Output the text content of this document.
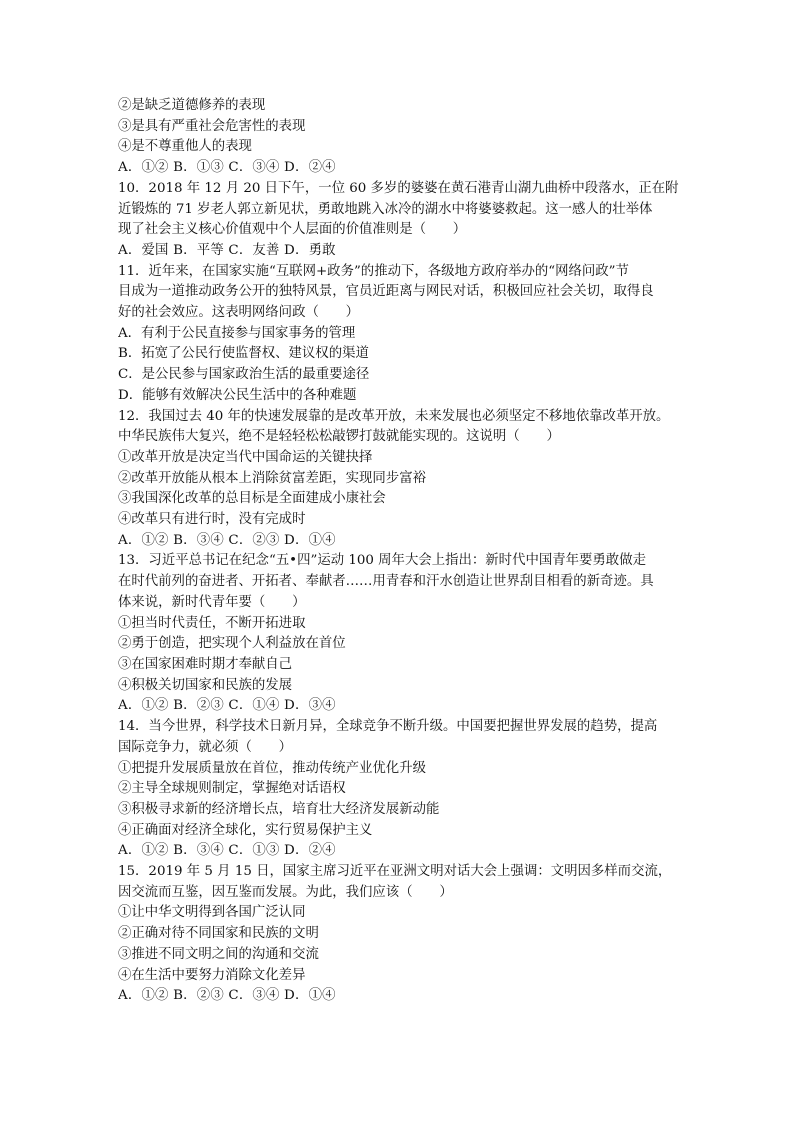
②是缺乏道德修养的表现
③是具有严重社会危害性的表现
④是不尊重他人的表现
A．①② B．①③ C．③④ D．②④
10．2018 年 12 月 20 日下午，一位 60 多岁的婆婆在黄石港青山湖九曲桥中段落水，正在附
近锻炼的 71 岁老人郭立新见状，勇敢地跳入冰冷的湖水中将婆婆救起。这一感人的壮举体
现了社会主义核心价值观中个人层面的价值准则是（　　）
A．爱国 B．平等 C．友善 D．勇敢
11．近年来，在国家实施“互联网+政务”的推动下，各级地方政府举办的“网络问政”节
目成为一道推动政务公开的独特风景，官员近距离与网民对话，积极回应社会关切，取得良
好的社会效应。这表明网络问政（　　）
A．有利于公民直接参与国家事务的管理
B．拓宽了公民行使监督权、建议权的渠道
C．是公民参与国家政治生活的最重要途径
D．能够有效解决公民生活中的各种难题
12．我国过去 40 年的快速发展靠的是改革开放，未来发展也必须坚定不移地依靠改革开放。
中华民族伟大复兴，绝不是轻轻松松敲锣打鼓就能实现的。这说明（　　）
①改革开放是决定当代中国命运的关键抉择
②改革开放能从根本上消除贫富差距，实现同步富裕
③我国深化改革的总目标是全面建成小康社会
④改革只有进行时，没有完成时
A．①② B．③④ C．②③ D．①④
13．习近平总书记在纪念“五•四”运动 100 周年大会上指出：新时代中国青年要勇敢做走
在时代前列的奋进者、开拓者、奉献者……用青春和汗水创造让世界刮目相看的新奇迹。具
体来说，新时代青年要（　　）
①担当时代责任，不断开拓进取
②勇于创造，把实现个人利益放在首位
③在国家困难时期才奉献自己
④积极关切国家和民族的发展
A．①② B．②③ C．①④ D．③④
14．当今世界，科学技术日新月异，全球竞争不断升级。中国要把握世界发展的趋势，提高
国际竞争力，就必须（　　）
①把提升发展质量放在首位，推动传统产业优化升级
②主导全球规则制定，掌握绝对话语权
③积极寻求新的经济增长点，培育壮大经济发展新动能
④正确面对经济全球化，实行贸易保护主义
A．①② B．③④ C．①③ D．②④
15．2019 年 5 月 15 日，国家主席习近平在亚洲文明对话大会上强调：文明因多样而交流，
因交流而互鉴，因互鉴而发展。为此，我们应该（　　）
①让中华文明得到各国广泛认同
②正确对待不同国家和民族的文明
③推进不同文明之间的沟通和交流
④在生活中要努力消除文化差异
A．①② B．②③ C．③④ D．①④
